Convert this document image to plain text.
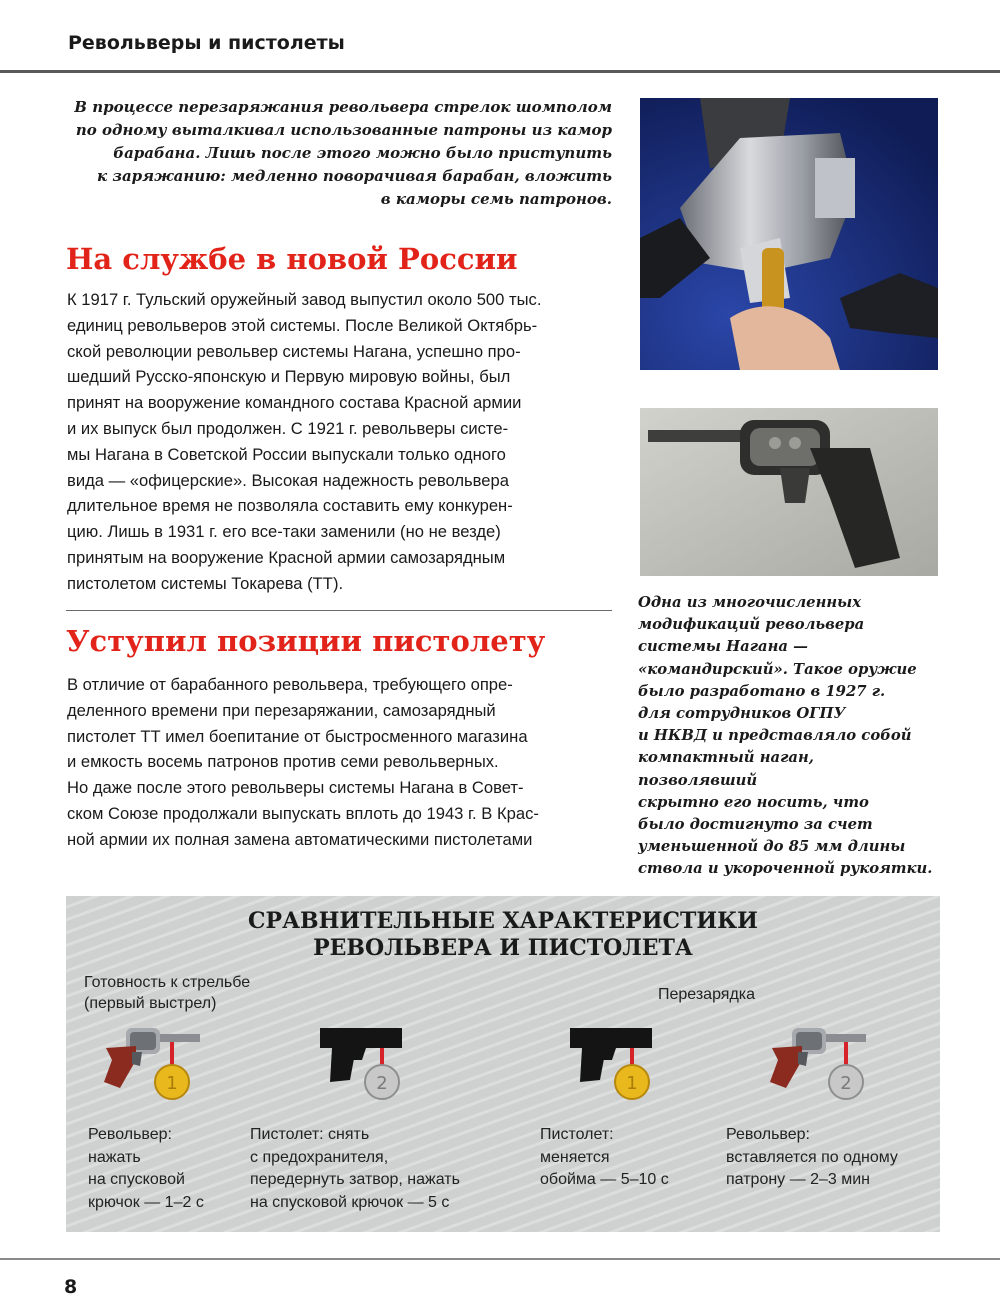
Револьверы и пистолеты

В процессе перезаряжания револьвера стрелок шомполом
по одному выталкивал использованные патроны из камор
барабана. Лишь после этого можно было приступить
к заряжанию: медленно поворачивая барабан, вложить
в каморы семь патронов.

На службе в новой России

К 1917 г. Тульский оружейный завод выпустил около 500 тыс.
единиц револьверов этой системы. После Великой Октябрь-
ской революции револьвер системы Нагана, успешно про-
шедший Русско-японскую и Первую мировую войны, был
принят на вооружение командного состава Красной армии
и их выпуск был продолжен. С 1921 г. револьверы систе-
мы Нагана в Советской России выпускали только одного
вида — «офицерские». Высокая надежность револьвера
длительное время не позволяла составить ему конкурен-
цию. Лишь в 1931 г. его все-таки заменили (но не везде)
принятым на вооружение Красной армии самозарядным
пистолетом системы Токарева (ТТ).

Уступил позиции пистолету

В отличие от барабанного револьвера, требующего опре-
деленного времени при перезаряжании, самозарядный
пистолет ТТ имел боепитание от быстросменного магазина
и емкость восемь патронов против семи револьверных.
Но даже после этого револьверы системы Нагана в Совет-
ском Союзе продолжали выпускать вплоть до 1943 г. В Крас-
ной армии их полная замена автоматическими пистолетами

Одна из многочисленных
модификаций револьвера
системы Нагана —
«командирский». Такое оружие
было разработано в 1927 г.
для сотрудников ОГПУ
и НКВД и представляло собой
компактный наган, позволявший
скрытно его носить, что
было достигнуто за счет
уменьшенной до 85 мм длины
ствола и укороченной рукоятки.

СРАВНИТЕЛЬНЫЕ ХАРАКТЕРИСТИКИ
РЕВОЛЬВЕРА И ПИСТОЛЕТА

Готовность к стрельбе
(первый выстрел)

Перезарядка

1

Револьвер:
нажать
на спусковой
крючок — 1–2 с

2

Пистолет: снять
с предохранителя,
передернуть затвор, нажать
на спусковой крючок — 5 с

1

Пистолет:
меняется
обойма — 5–10 с

2

Револьвер:
вставляется по одному
патрону — 2–3 мин

8
